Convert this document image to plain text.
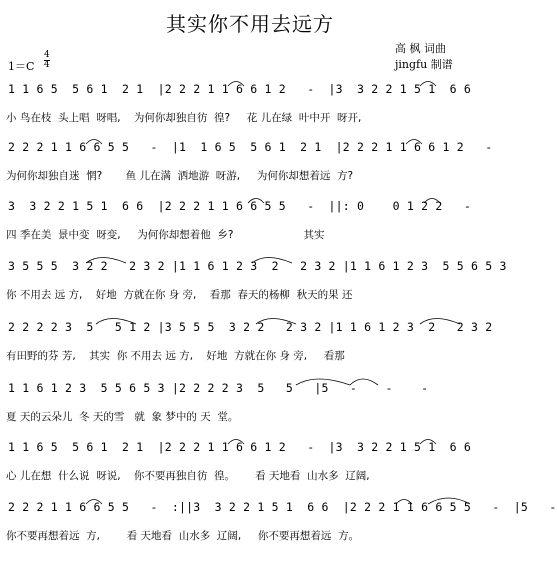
其实你不用去远方
高 枫 词曲
jingfu 制谱
1＝C
4
4
1 1 6 5  5 6 1  2 1  |2 2 2 1 1 6 6 1 2   -  |3  3 2 2 1 5 1  6 6
小 鸟在枝  头上唱  呀唱,    为何你却独自彷  徨?     花 儿在绿  叶中开  呀开,
2 2 2 1 1 6 6 5 5   -  |1  1 6 5  5 6 1  2 1  |2 2 2 1 1 6 6 1 2   -
为何你却独自迷  惘?       鱼 儿在满  洒地游  呀游,     为何你却想着远  方?
3  3 2 2 1 5 1  6 6  |2 2 2 1 1 6 6 5 5   -  ||: 0    0 1 2 2   -
四 季在美  景中变  呀变,     为何你却想着他  乡?                     其实
3 5 5 5  3 2 2   2 3 2 |1 1 6 1 2 3  2   2 3 2 |1 1 6 1 2 3  5 5 6 5 3
你 不用去 远 方,    好地  方就在你 身 旁,    看那  春天的杨柳  秋天的果 还
2 2 2 2 3  5   5 1 2 |3 5 5 5  3 2 2   2 3 2 |1 1 6 1 2 3  2   2 3 2
有田野的芬 芳,    其实  你 不用去 远 方,    好地  方就在你 身 旁,     看那
1 1 6 1 2 3  5 5 6 5 3 |2 2 2 2 3  5   5   |5   -    -    -
夏 天的云朵儿  冬 天的雪   就  象 梦中的 天  堂。
1 1 6 5  5 6 1  2 1  |2 2 2 1 1 6 6 1 2   -  |3  3 2 2 1 5 1  6 6
心 儿在想  什么说  呀说,    你不要再独自彷  徨。      看 天地看  山水多  辽阔,
2 2 2 1 1 6 6 5 5   -  :||3  3 2 2 1 5 1  6 6  |2 2 2 1 1 6 6 5 5   -  |5   -
你不要再想着远  方,        看 天地看  山水多  辽阔,     你不要再想着远  方。
